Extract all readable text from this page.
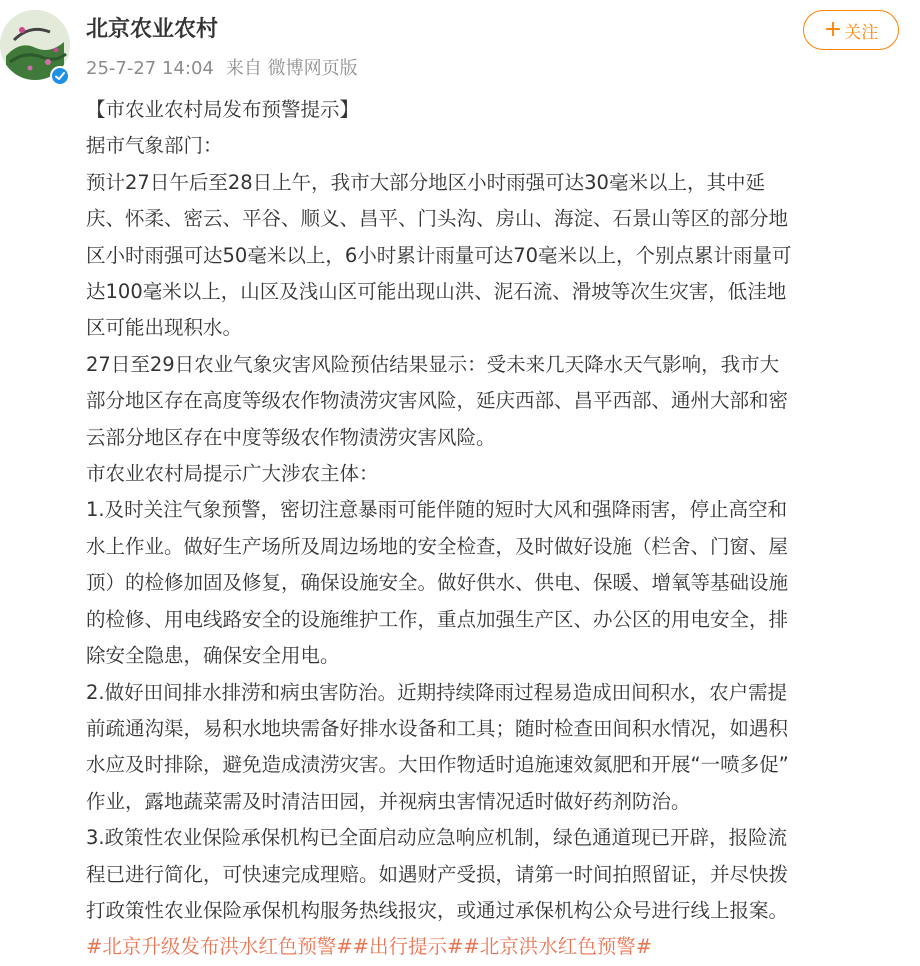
北京农业农村
25-7-27 14:04 来自 微博网页版
+ 关注

【市农业农村局发布预警提示】

据市气象部门：

预计27日午后至28日上午，我市大部分地区小时雨强可达30毫米以上，其中延

庆、怀柔、密云、平谷、顺义、昌平、门头沟、房山、海淀、石景山等区的部分地

区小时雨强可达50毫米以上，6小时累计雨量可达70毫米以上，个别点累计雨量可

达100毫米以上，山区及浅山区可能出现山洪、泥石流、滑坡等次生灾害，低洼地

区可能出现积水。

27日至29日农业气象灾害风险预估结果显示：受未来几天降水天气影响，我市大

部分地区存在高度等级农作物渍涝灾害风险，延庆西部、昌平西部、通州大部和密

云部分地区存在中度等级农作物渍涝灾害风险。

市农业农村局提示广大涉农主体：

1.及时关注气象预警，密切注意暴雨可能伴随的短时大风和强降雨害，停止高空和

水上作业。做好生产场所及周边场地的安全检查，及时做好设施（栏舍、门窗、屋

顶）的检修加固及修复，确保设施安全。做好供水、供电、保暖、增氧等基础设施

的检修、用电线路安全的设施维护工作，重点加强生产区、办公区的用电安全，排

除安全隐患，确保安全用电。

2.做好田间排水排涝和病虫害防治。近期持续降雨过程易造成田间积水，农户需提

前疏通沟渠，易积水地块需备好排水设备和工具；随时检查田间积水情况，如遇积

水应及时排除，避免造成渍涝灾害。大田作物适时追施速效氮肥和开展“一喷多促”

作业，露地蔬菜需及时清洁田园，并视病虫害情况适时做好药剂防治。

3.政策性农业保险承保机构已全面启动应急响应机制，绿色通道现已开辟，报险流

程已进行简化，可快速完成理赔。如遇财产受损，请第一时间拍照留证，并尽快拨

打政策性农业保险承保机构服务热线报灾，或通过承保机构公众号进行线上报案。

#北京升级发布洪水红色预警##出行提示##北京洪水红色预警#
